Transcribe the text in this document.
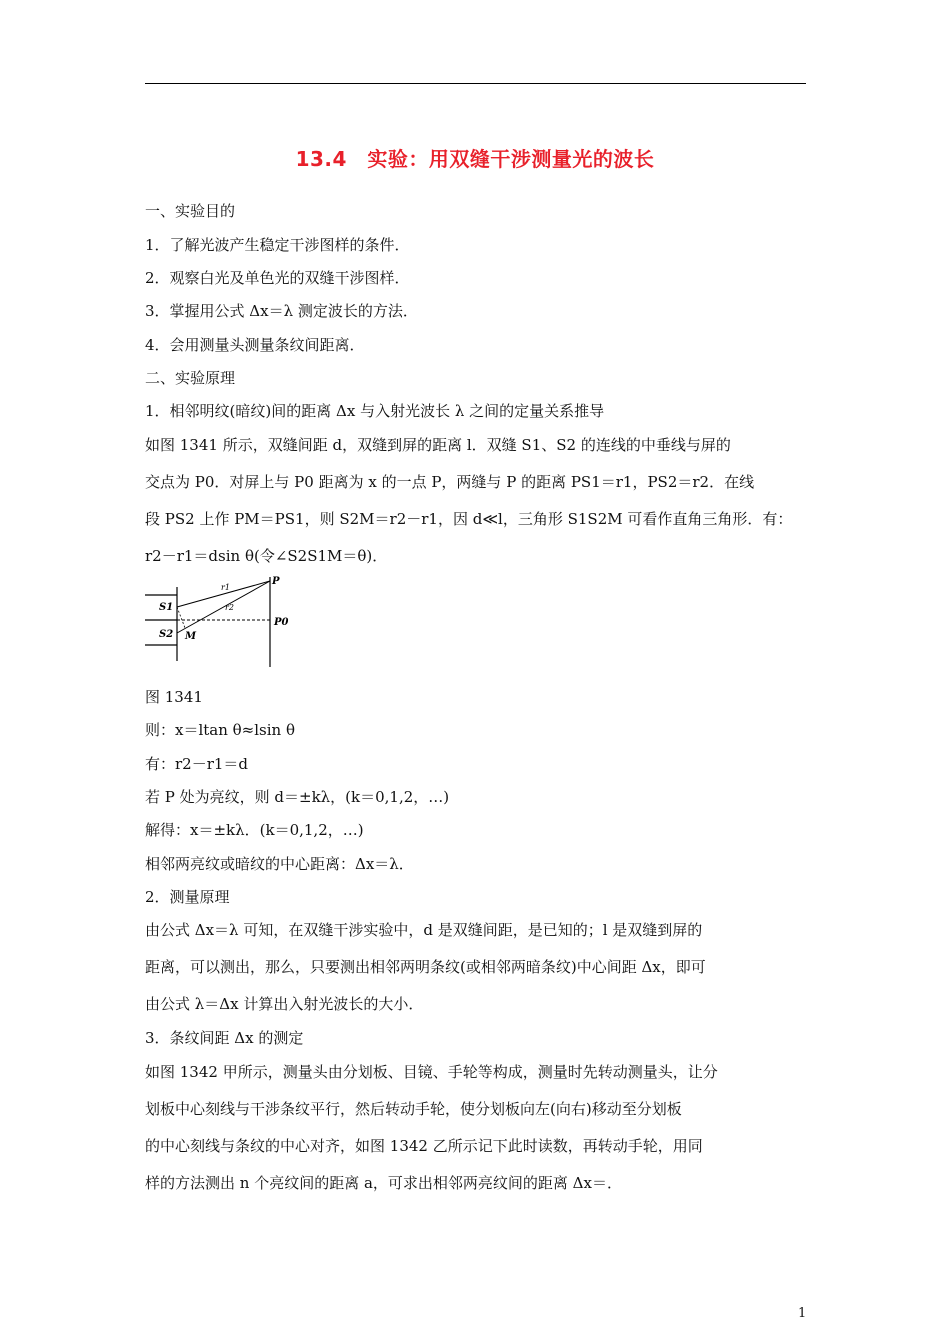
13.4　实验：用双缝干涉测量光的波长
一、实验目的
1．了解光波产生稳定干涉图样的条件．
2．观察白光及单色光的双缝干涉图样．
3．掌握用公式 Δx＝λ 测定波长的方法．
4．会用测量头测量条纹间距离．
二、实验原理
1．相邻明纹(暗纹)间的距离 Δx 与入射光波长 λ 之间的定量关系推导
如图 1341 所示，双缝间距 d，双缝到屏的距离 l．双缝 S1、S2 的连线的中垂线与屏的
交点为 P0．对屏上与 P0 距离为 x 的一点 P，两缝与 P 的距离 PS1＝r1，PS2＝r2．在线
段 PS2 上作 PM＝PS1，则 S2M＝r2－r1，因 d≪l，三角形 S1S2M 可看作直角三角形．有：
r2－r1＝dsin θ(令∠S2S1M＝θ)．
S1
S2 M
P
P0
r1
r2
图 1341
则：x＝ltan θ≈lsin θ
有：r2－r1＝d
若 P 处为亮纹，则 d＝±kλ，(k＝0,1,2，…)
解得：x＝±kλ．(k＝0,1,2，…)
相邻两亮纹或暗纹的中心距离：Δx＝λ．
2．测量原理
由公式 Δx＝λ 可知，在双缝干涉实验中，d 是双缝间距，是已知的；l 是双缝到屏的
距离，可以测出，那么，只要测出相邻两明条纹(或相邻两暗条纹)中心间距 Δx，即可
由公式 λ＝Δx 计算出入射光波长的大小．
3．条纹间距 Δx 的测定
如图 1342 甲所示，测量头由分划板、目镜、手轮等构成，测量时先转动测量头，让分
划板中心刻线与干涉条纹平行，然后转动手轮，使分划板向左(向右)移动至分划板
的中心刻线与条纹的中心对齐，如图 1342 乙所示记下此时读数，再转动手轮，用同
样的方法测出 n 个亮纹间的距离 a，可求出相邻两亮纹间的距离 Δx＝．
1
